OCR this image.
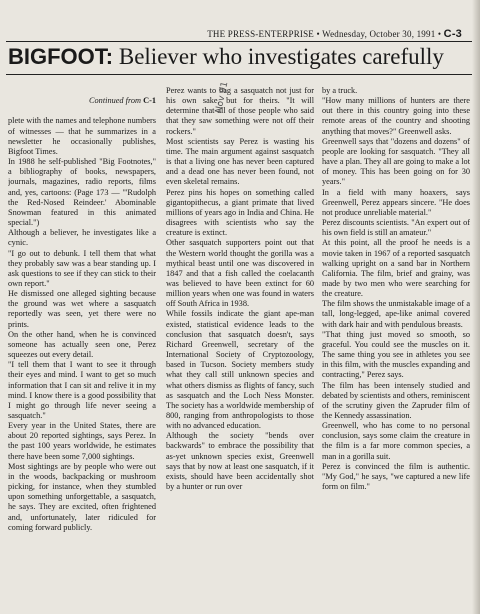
THE PRESS-ENTERPRISE • Wednesday, October 30, 1991 • C-3
BIGFOOT: Believer who investigates carefully

Continued from C-1

plete with the names and telephone numbers of witnesses — that he summarizes in a newsletter he occasionally publishes, Bigfoot Times.
In 1988 he self-published "Big Footnotes," a bibliography of books, newspapers, journals, magazines, radio reports, films and, yes, cartoons: (Page 173 — "'Rudolph the Red-Nosed Reindeer.' Abominable Snowman featured in this animated special.")
Although a believer, he investigates like a cynic.
"I go out to debunk. I tell them that what they probably saw was a bear standing up. I ask questions to see if they can stick to their own report."
He dismissed one alleged sighting because the ground was wet where a sasquatch reportedly was seen, yet there were no prints.
On the other hand, when he is convinced someone has actually seen one, Perez squeezes out every detail.
"I tell them that I want to see it through their eyes and mind. I want to get so much information that I can sit and relive it in my mind. I know there is a good possibility that I might go through life never seeing a sasquatch."
Every year in the United States, there are about 20 reported sightings, says Perez. In the past 100 years worldwide, he estimates there have been some 7,000 sightings.
Most sightings are by people who were out in the woods, backpacking or mushroom picking, for instance, when they stumbled upon something unforgettable, a sasquatch, he says. They are excited, often frightened and, unfortunately, later ridiculed for coming forward publicly.

Perez wants to bag a sasquatch not just for his own sake, but for theirs. "It will determine that all of those people who said that they saw something were not off their rockers."
Most scientists say Perez is wasting his time. The main argument against sasquatch is that a living one has never been captured and a dead one has never been found, not even skeletal remains.
Perez pins his hopes on something called gigantopithecus, a giant primate that lived millions of years ago in India and China. He disagrees with scientists who say the creature is extinct.
Other sasquatch supporters point out that the Western world thought the gorilla was a mythical beast until one was discovered in 1847 and that a fish called the coelacanth was believed to have been extinct for 60 million years when one was found in waters off South Africa in 1938.
While fossils indicate the giant ape-man existed, statistical evidence leads to the conclusion that sasquatch doesn't, says Richard Greenwell, secretary of the International Society of Cryptozoology, based in Tucson. Society members study what they call still unknown species and what others dismiss as flights of fancy, such as sasquatch and the Loch Ness Monster. The society has a worldwide membership of 800, ranging from anthropologists to those with no advanced education.
Although the society "bends over backwards" to embrace the possibility that as-yet unknown species exist, Greenwell says that by now at least one sasquatch, if it exists, should have been accidentally shot by a hunter or run over
by a truck.
"How many millions of hunters are there out there in this country going into these remote areas of the country and shooting anything that moves?" Greenwell asks.
Greenwell says that "dozens and dozens" of people are looking for sasquatch. "They all have a plan. They all are going to make a lot of money. This has been going on for 30 years."
In a field with many hoaxers, says Greenwell, Perez appears sincere. "He does not produce unreliable material."
Perez discounts scientists. "An expert out of his own field is still an amateur."
At this point, all the proof he needs is a movie taken in 1967 of a reported sasquatch walking upright on a sand bar in Northern California. The film, brief and grainy, was made by two men who were searching for the creature.
The film shows the unmistakable image of a tall, long-legged, ape-like animal covered with dark hair and with pendulous breasts.
"That thing just moved so smooth, so graceful. You could see the muscles on it. The same thing you see in athletes you see in this film, with the muscles expanding and contracting," Perez says.
The film has been intensely studied and debated by scientists and others, reminiscent of the scrutiny given the Zapruder film of the Kennedy assassination.
Greenwell, who has come to no personal conclusion, says some claim the creature in the film is a far more common species, a man in a gorilla suit.
Perez is convinced the film is authentic. "My God," he says, "we captured a new life form on film."
Nov 91
